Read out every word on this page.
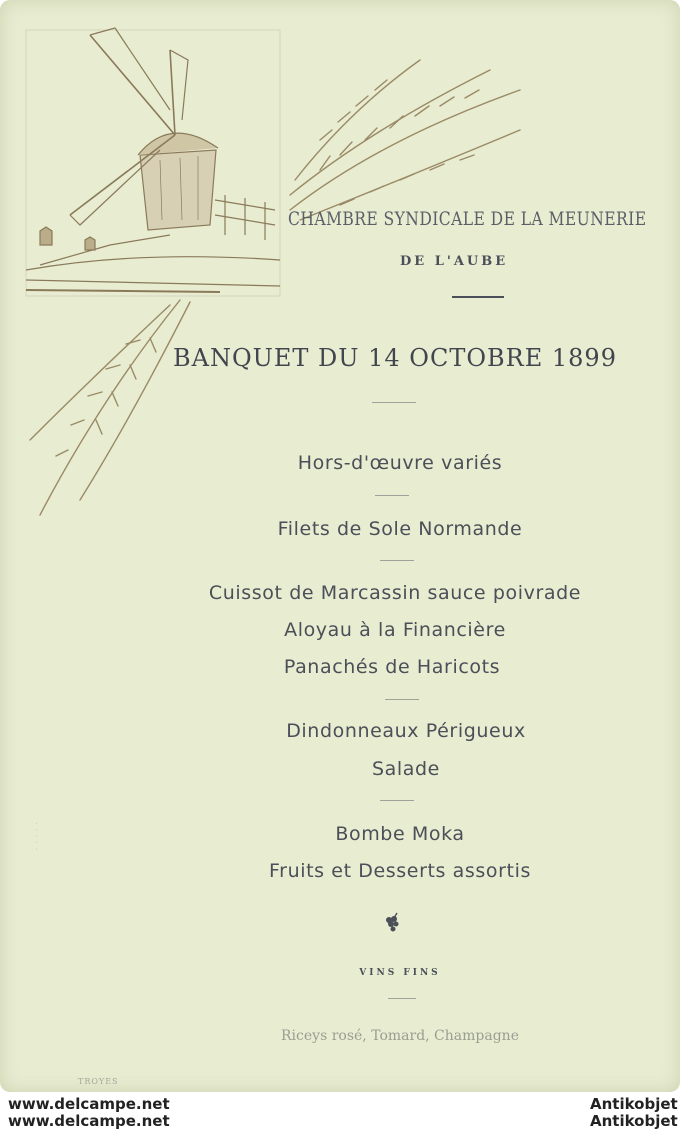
CHAMBRE SYNDICALE DE LA MEUNERIE
DE L'AUBE
BANQUET DU 14 OCTOBRE 1899
Hors-d'œuvre variés
Filets de Sole Normande
Cuissot de Marcassin sauce poivrade
Aloyau à la Financière
Panachés de Haricots
Dindonneaux Périgueux
Salade
Bombe Moka
Fruits et Desserts assortis
VINS FINS
Riceys rosé, Tomard, Champagne
TROYES
· · · · ·
www.delcampe.net
www.delcampe.net
Antikobjet
Antikobjet
